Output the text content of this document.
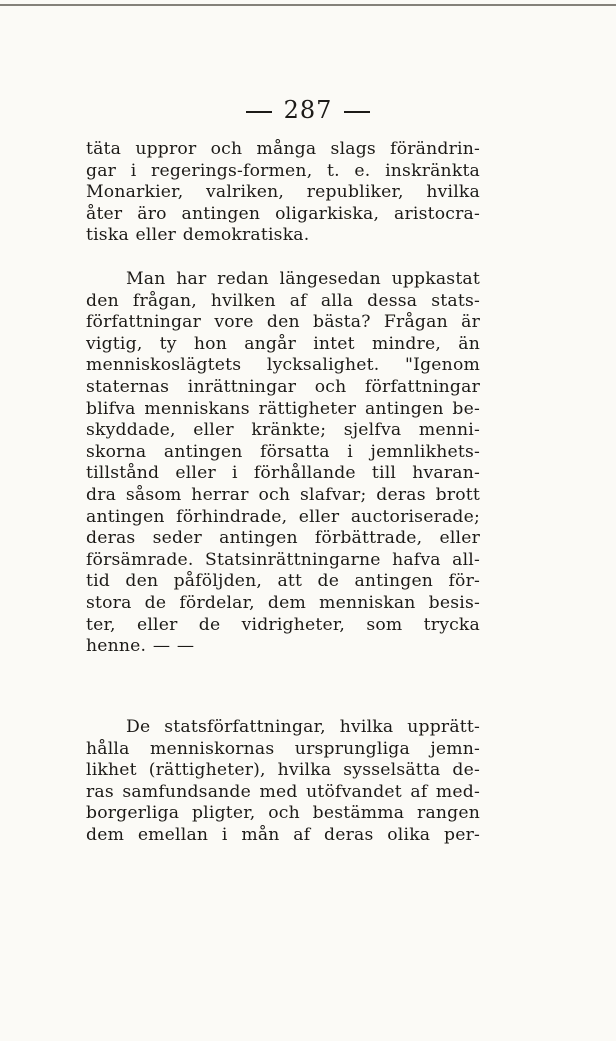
287
täta uppror och många slags förändrin-
gar i regerings-formen, t. e. inskränkta
Monarkier, valriken, republiker, hvilka
åter äro antingen oligarkiska, aristocra-
tiska eller demokratiska.
Man har redan längesedan uppkastat
den frågan, hvilken af alla dessa stats-
författningar vore den bästa? Frågan är
vigtig, ty hon angår intet mindre, än
menniskoslägtets lycksalighet. "Igenom
staternas inrättningar och författningar
blifva menniskans rättigheter antingen be-
skyddade, eller kränkte; sjelfva menni-
skorna antingen försatta i jemnlikhets-
tillstånd eller i förhållande till hvaran-
dra såsom herrar och slafvar; deras brott
antingen förhindrade, eller auctoriserade;
deras seder antingen förbättrade, eller
försämrade. Statsinrättningarne hafva all-
tid den påföljden, att de antingen för-
stora de fördelar, dem menniskan besis-
ter, eller de vidrigheter, som trycka
henne. — —
De statsförfattningar, hvilka upprätt-
hålla menniskornas ursprungliga jemn-
likhet (rättigheter), hvilka sysselsätta de-
ras samfundsande med utöfvandet af med-
borgerliga pligter, och bestämma rangen
dem emellan i mån af deras olika per-
